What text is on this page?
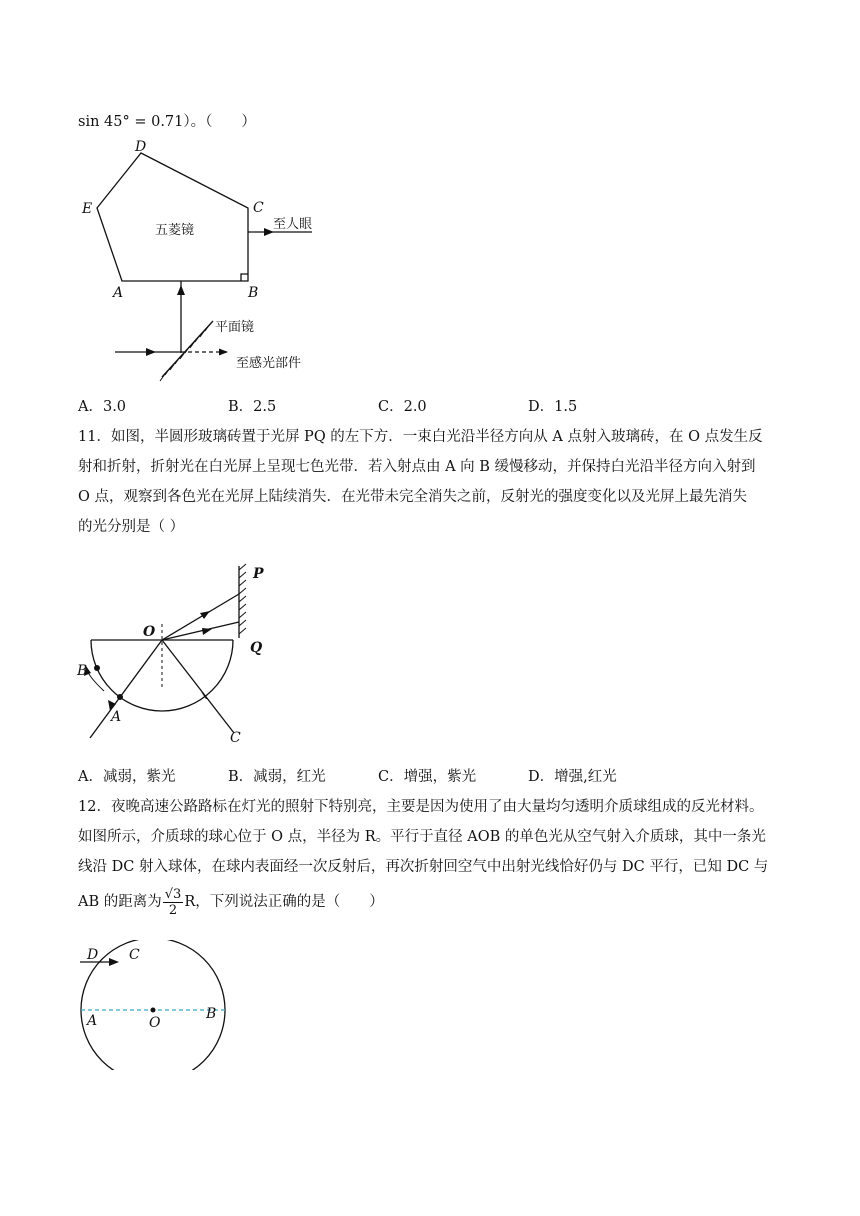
sin 45° = 0.71）。（　　）
D
E	C
A	B
五菱镜	至人眼
平面镜
至感光部件
A．3.0	B．2.5	C．2.0	D．1.5
11．如图，半圆形玻璃砖置于光屏 PQ 的左下方．一束白光沿半径方向从 A 点射入玻璃砖，在 O 点发生反
射和折射，折射光在白光屏上呈现七色光带．若入射点由 A 向 B 缓慢移动，并保持白光沿半径方向入射到
O 点，观察到各色光在光屏上陆续消失．在光带未完全消失之前，反射光的强度变化以及光屏上最先消失
的光分别是（ ）
P
O
Q
B
A
C
A．减弱，紫光	B．减弱，红光	C．增强，紫光	D．增强,红光
12．夜晚高速公路路标在灯光的照射下特别亮，主要是因为使用了由大量均匀透明介质球组成的反光材料。
如图所示，介质球的球心位于 O 点，半径为 R。平行于直径 AOB 的单色光从空气射入介质球，其中一条光
线沿 DC 射入球体，在球内表面经一次反射后，再次折射回空气中出射光线恰好仍与 DC 平行，已知 DC 与
AB 的距离为 $\frac{√3}{2}$ R，下列说法正确的是（　　）
D C
A	O
B
